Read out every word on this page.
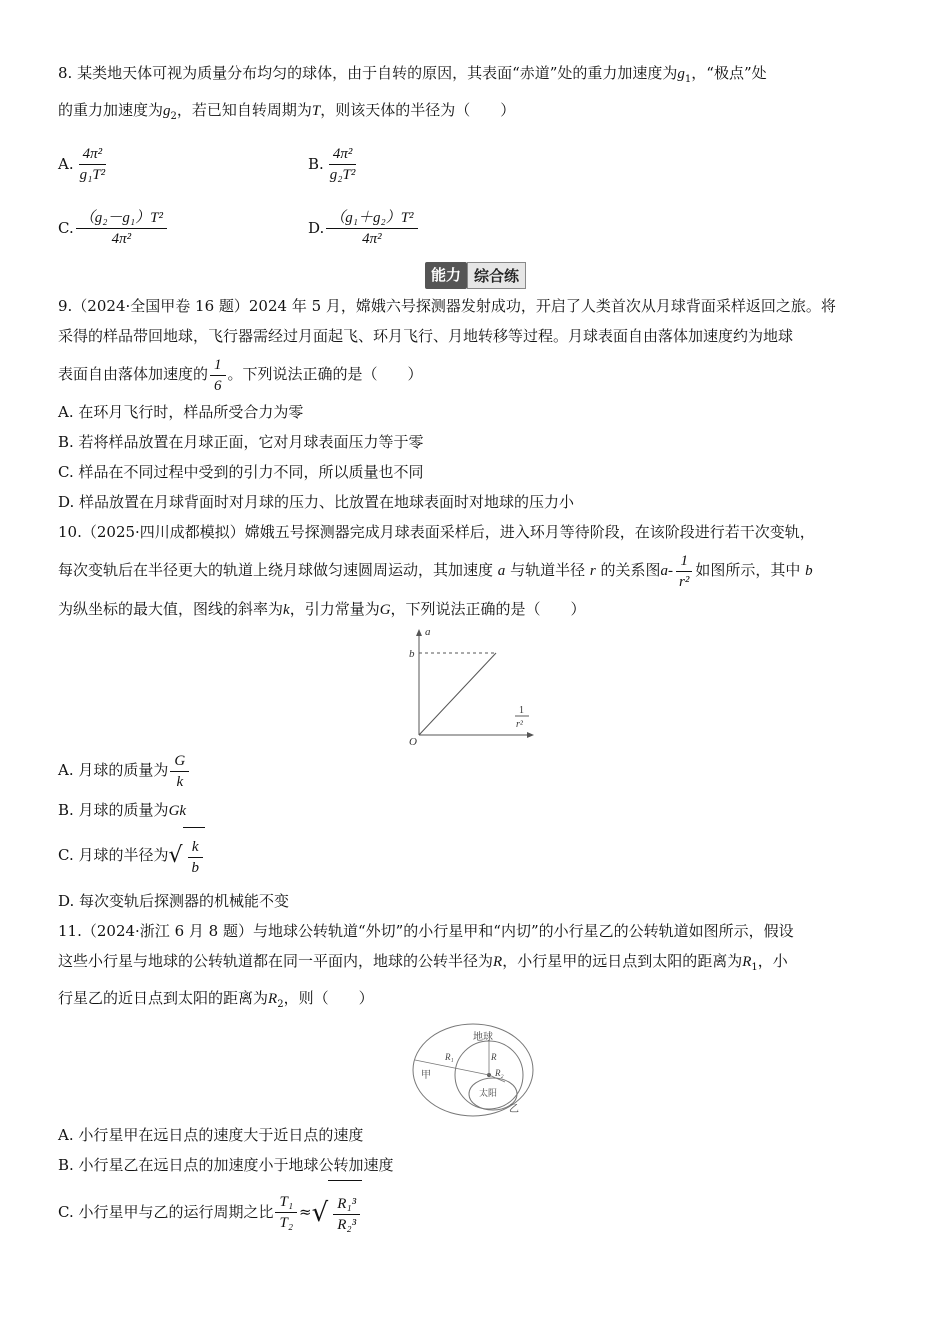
8. 某类地天体可视为质量分布均匀的球体，由于自转的原因，其表面“赤道”处的重力加速度为$g_1$，“极点”处

的重力加速度为$g_2$，若已知自转周期为T，则该天体的半径为（　　）

A. $\frac{\text{4π²}}{\text{g₁T²}}$	B. $\frac{\text{4π²}}{\text{g₂T²}}$
C. $\frac{\text{（g₂－g₁）T²}}{\text{4π²}}$	D. $\frac{\text{（g₁＋g₂）T²}}{\text{4π²}}$
能力 综合练

9.（2024·全国甲卷 16 题）2024 年 5 月，嫦娥六号探测器发射成功，开启了人类首次从月球背面采样返回之旅。将

采得的样品带回地球，飞行器需经过月面起飞、环月飞行、月地转移等过程。月球表面自由落体加速度约为地球

表面自由落体加速度的 $\frac{1}{6}$ 。下列说法正确的是（　　）

A. 在环月飞行时，样品所受合力为零

B. 若将样品放置在月球正面，它对月球表面压力等于零

C. 样品在不同过程中受到的引力不同，所以质量也不同

D. 样品放置在月球背面时对月球的压力、比放置在地球表面时对地球的压力小

10.（2025·四川成都模拟）嫦娥五号探测器完成月球表面采样后，进入环月等待阶段，在该阶段进行若干次变轨，

每次变轨后在半径更大的轨道上绕月球做匀速圆周运动，其加速度 a 与轨道半径 r 的关系图$a- \frac{1}{\text{r²}}$ 如图所示，其中 b

为纵坐标的最大值，图线的斜率为k，引力常量为G，下列说法正确的是（　　）

a
b
O
1
r²

A. 月球的质量为 $\frac{G}{k}$

B. 月球的质量为Gk

C. 月球的半径为 √ $\frac{k}{b}$

D. 每次变轨后探测器的机械能不变

11.（2024·浙江 6 月 8 题）与地球公转轨道“外切”的小行星甲和“内切”的小行星乙的公转轨道如图所示，假设

这些小行星与地球的公转轨道都在同一平面内，地球的公转半径为R，小行星甲的远日点到太阳的距离为$R_1$，小

行星乙的近日点到太阳的距离为$R_2$，则（　　）

地球
甲
乙
太阳
R
R₁
R₂

A. 小行星甲在远日点的速度大于近日点的速度

B. 小行星乙在远日点的加速度小于地球公转加速度

C. 小行星甲与乙的运行周期之比 $\frac{\text{T₁}}{\text{T₂}}$ ≈ √ $\frac{\text{R₁³}}{\text{R₂³}}$
